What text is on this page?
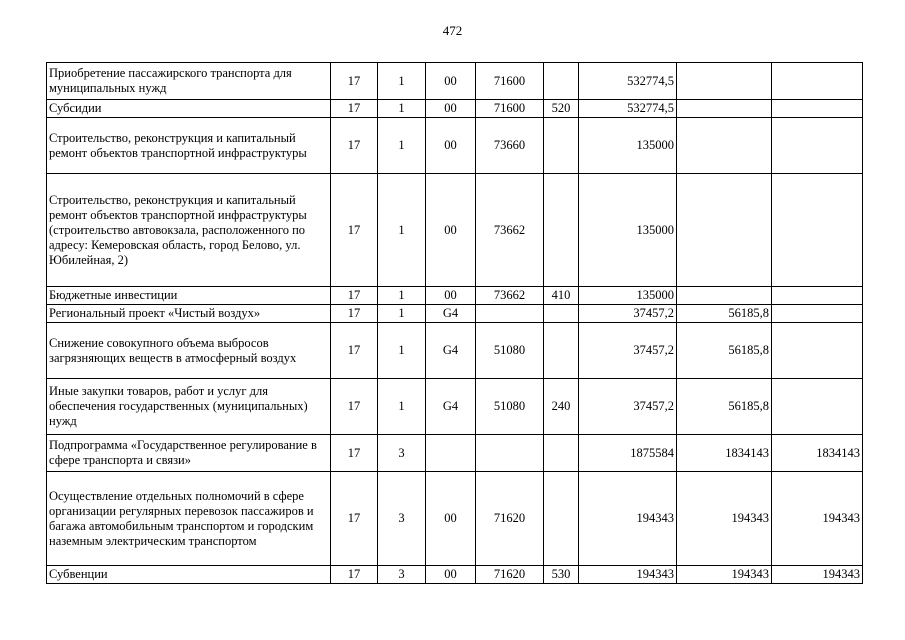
472
Приобретение пассажирского транспорта для муниципальных нужд	17	1	00	71600		532774,5		
Субсидии	17	1	00	71600	520	532774,5		
Строительство, реконструкция и капитальный ремонт объектов транспортной инфраструктуры	17	1	00	73660		135000		
Строительство, реконструкция и капитальный ремонт объектов транспортной инфраструктуры (строительство автовокзала, расположенного по адресу: Кемеровская область, город Белово, ул. Юбилейная, 2)	17	1	00	73662		135000		
Бюджетные инвестиции	17	1	00	73662	410	135000		
Региональный проект «Чистый воздух»	17	1	G4			37457,2	56185,8	
Снижение совокупного объема выбросов загрязняющих веществ в атмосферный воздух	17	1	G4	51080		37457,2	56185,8	
Иные закупки товаров, работ и услуг для обеспечения государственных (муниципальных) нужд	17	1	G4	51080	240	37457,2	56185,8	
Подпрограмма «Государственное регулирование в сфере транспорта и связи»	17	3				1875584	1834143	1834143
Осуществление отдельных полномочий в сфере организации регулярных перевозок пассажиров и багажа автомобильным транспортом и городским наземным электрическим транспортом	17	3	00	71620		194343	194343	194343
Субвенции	17	3	00	71620	530	194343	194343	194343
